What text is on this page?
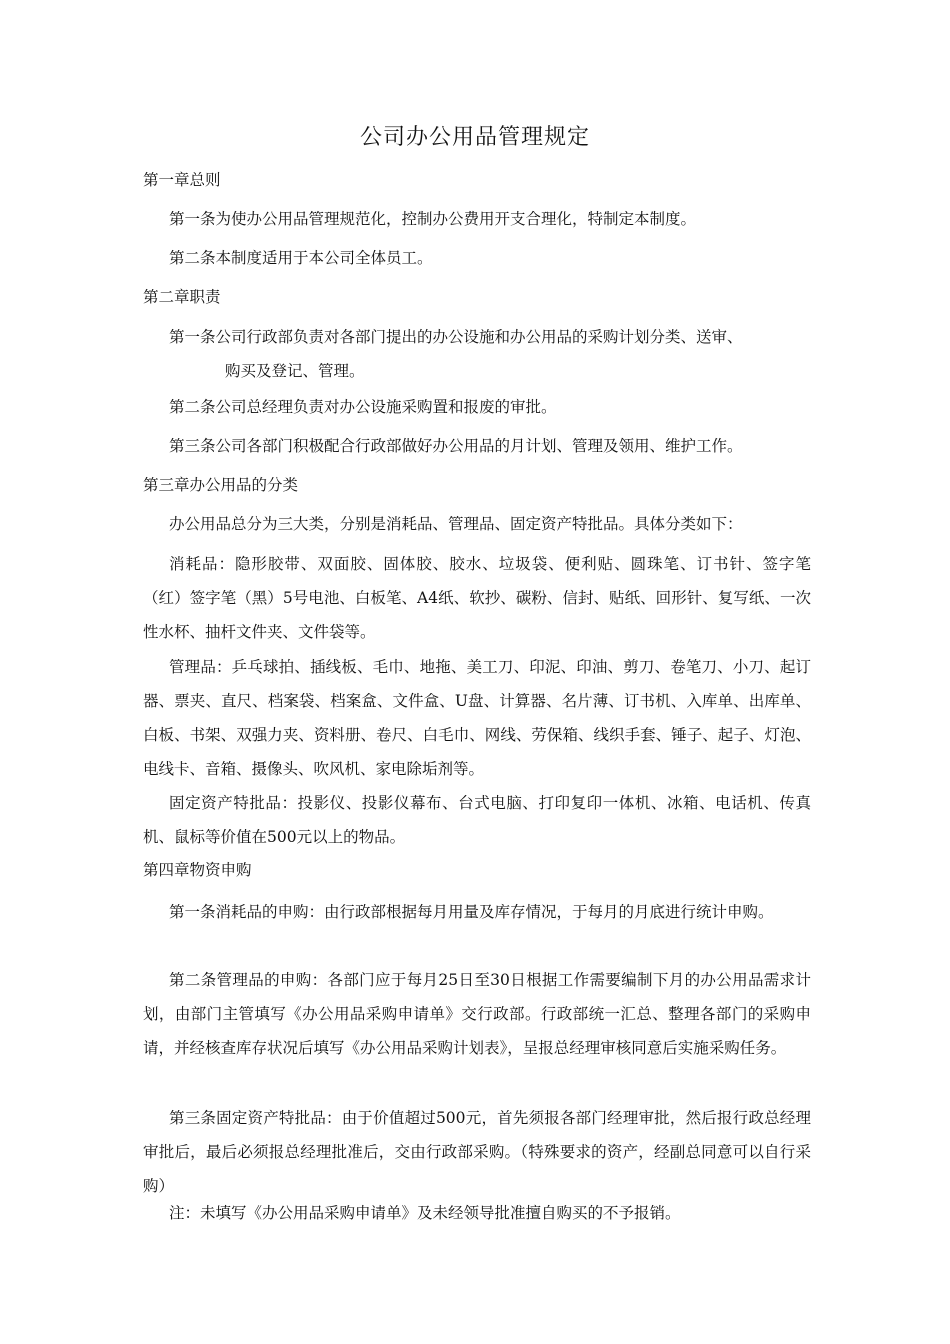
公司办公用品管理规定
第一章总则
第一条为使办公用品管理规范化，控制办公费用开支合理化，特制定本制度。
第二条本制度适用于本公司全体员工。
第二章职责
第一条公司行政部负责对各部门提出的办公设施和办公用品的采购计划分类、送审、
购买及登记、管理。
第二条公司总经理负责对办公设施采购置和报废的审批。
第三条公司各部门积极配合行政部做好办公用品的月计划、管理及领用、维护工作。
第三章办公用品的分类
办公用品总分为三大类，分别是消耗品、管理品、固定资产特批品。具体分类如下：
消耗品：隐形胶带、双面胶、固体胶、胶水、垃圾袋、便利贴、圆珠笔、订书针、签字笔（红）签字笔（黑）5号电池、白板笔、A4纸、软抄、碳粉、信封、贴纸、回形针、复写纸、一次性水杯、抽杆文件夹、文件袋等。
管理品：乒乓球拍、插线板、毛巾、地拖、美工刀、印泥、印油、剪刀、卷笔刀、小刀、起订器、票夹、直尺、档案袋、档案盒、文件盒、U盘、计算器、名片薄、订书机、入库单、出库单、白板、书架、双强力夹、资料册、卷尺、白毛巾、网线、劳保箱、线织手套、锤子、起子、灯泡、电线卡、音箱、摄像头、吹风机、家电除垢剂等。
固定资产特批品：投影仪、投影仪幕布、台式电脑、打印复印一体机、冰箱、电话机、传真机、鼠标等价值在500元以上的物品。
第四章物资申购
第一条消耗品的申购：由行政部根据每月用量及库存情况，于每月的月底进行统计申购。
第二条管理品的申购：各部门应于每月25日至30日根据工作需要编制下月的办公用品需求计划，由部门主管填写《办公用品采购申请单》交行政部。行政部统一汇总、整理各部门的采购申请，并经核查库存状况后填写《办公用品采购计划表》，呈报总经理审核同意后实施采购任务。
第三条固定资产特批品：由于价值超过500元，首先须报各部门经理审批，然后报行政总经理审批后，最后必须报总经理批准后，交由行政部采购。（特殊要求的资产，经副总同意可以自行采购）
注：未填写《办公用品采购申请单》及未经领导批准擅自购买的不予报销。
